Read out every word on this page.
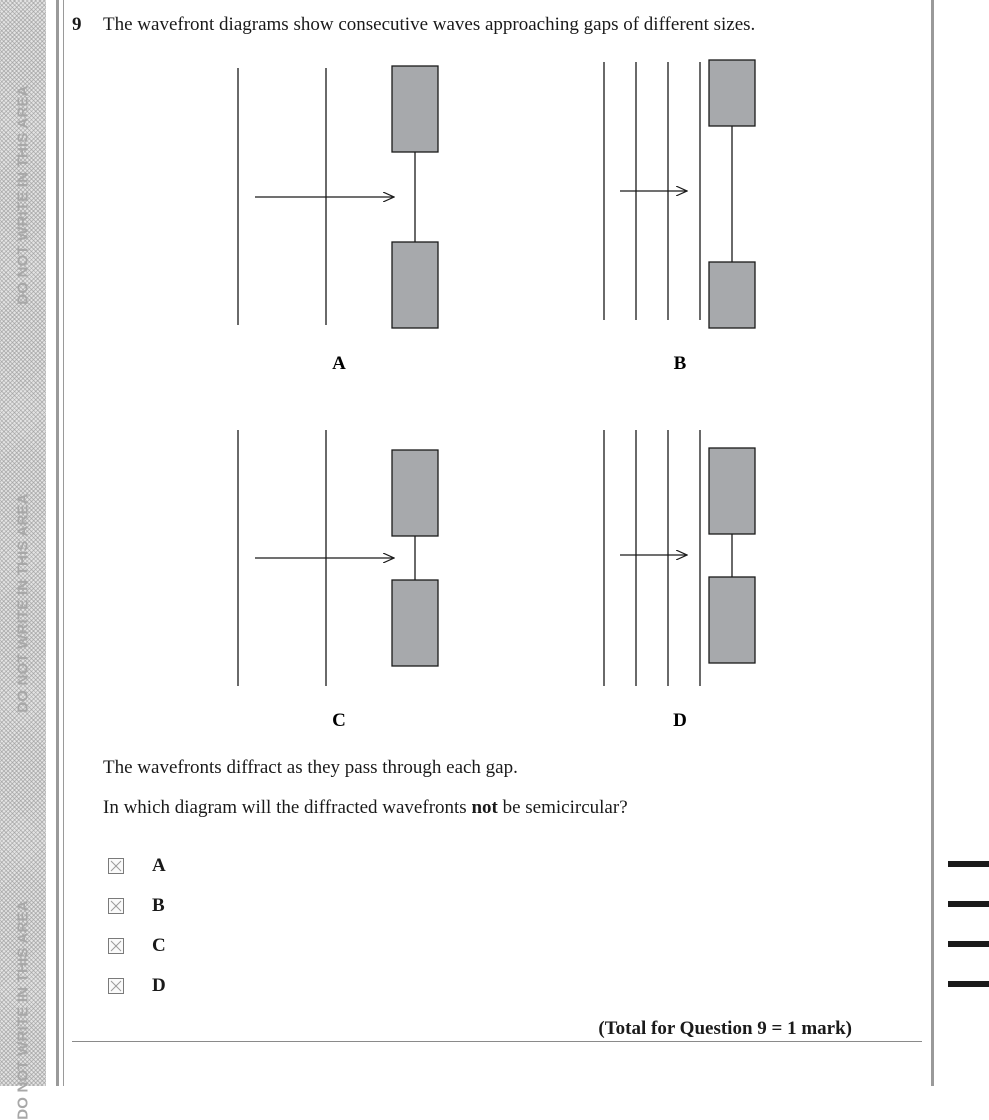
DO NOT WRITE IN THIS AREA
DO NOT WRITE IN THIS AREA
DO NOT WRITE IN THIS AREA
9 The wavefront diagrams show consecutive waves approaching gaps of different sizes.
A	B
C	D
The wavefronts diffract as they pass through each gap.
In which diagram will the diffracted wavefronts not be semicircular?
A
B
C
D
(Total for Question 9 = 1 mark)
